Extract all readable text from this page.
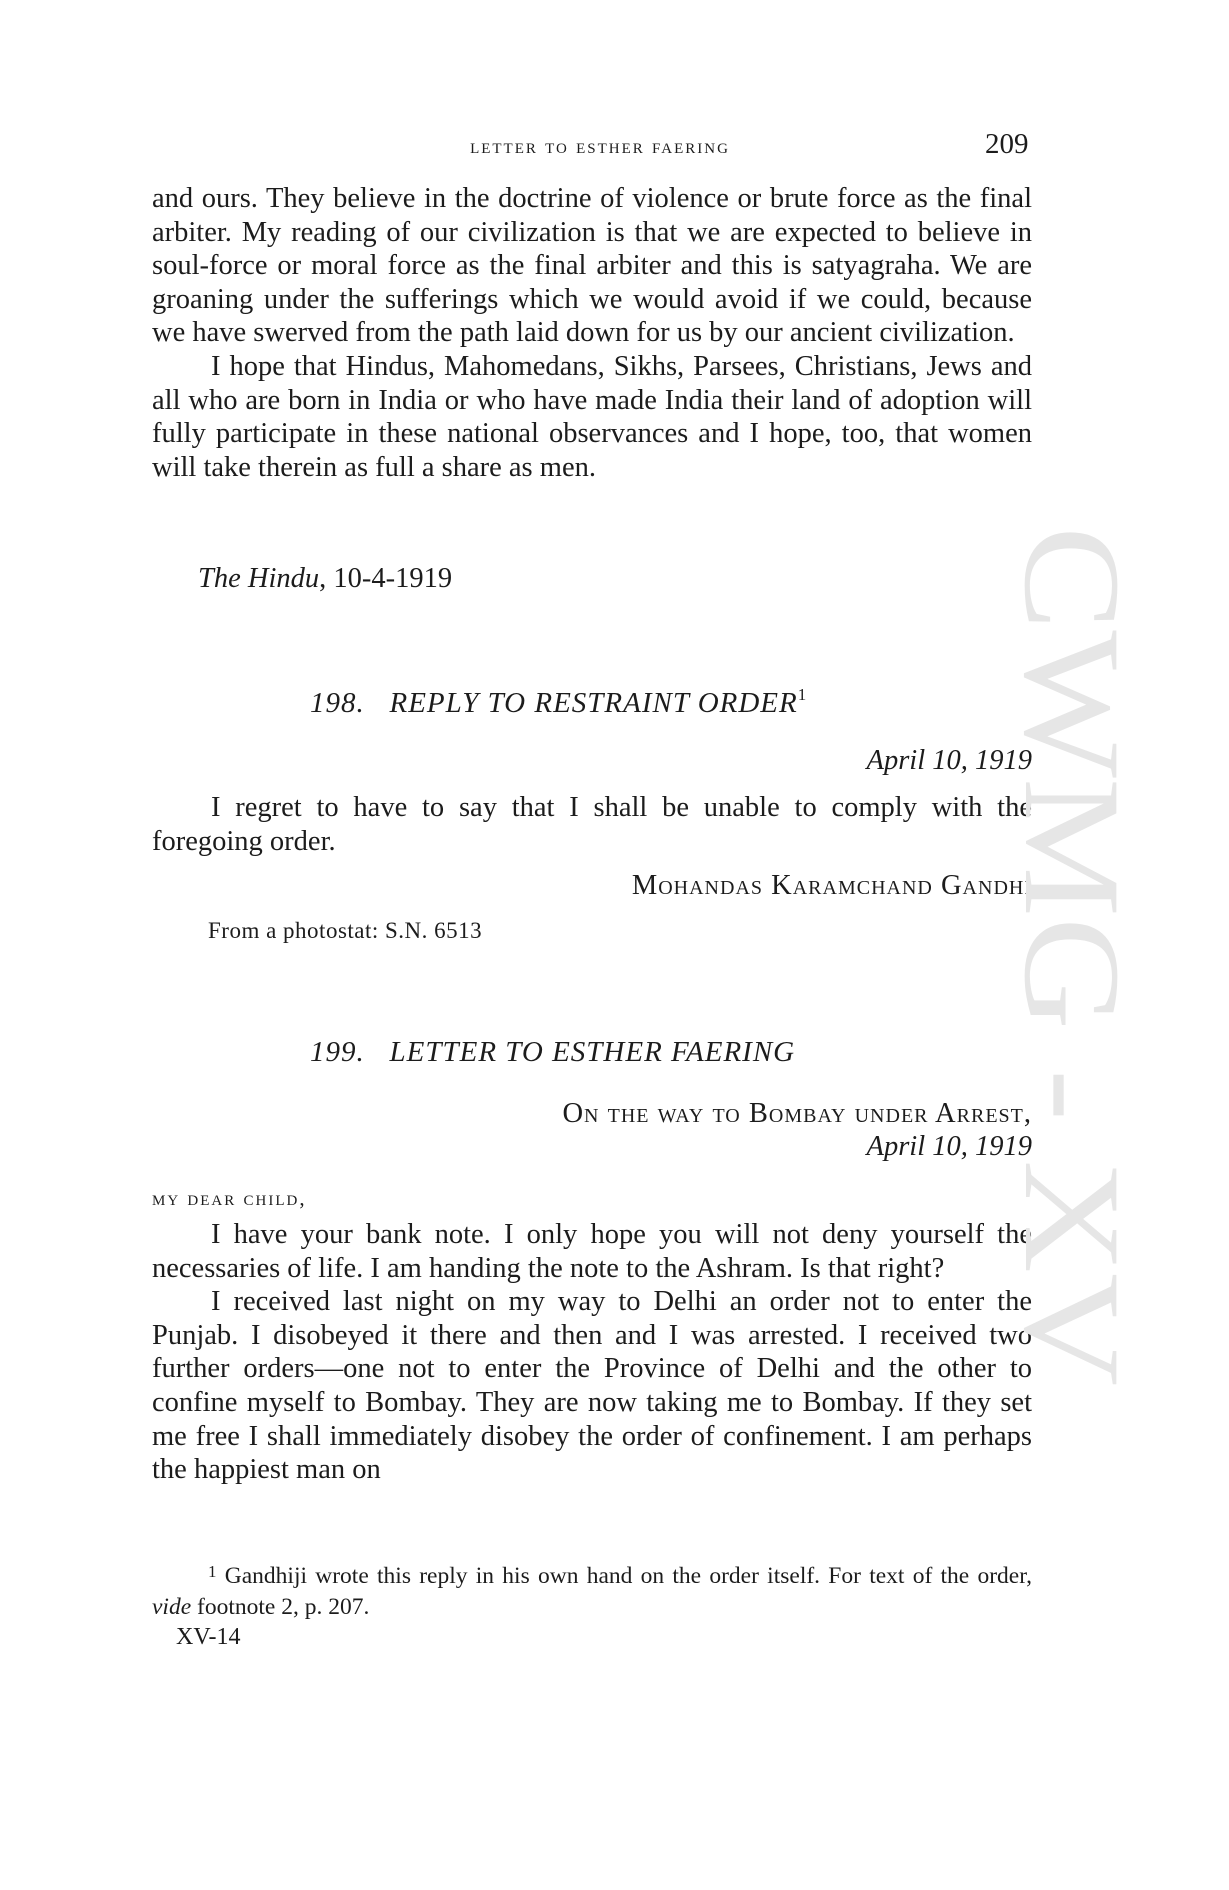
letter to esther faering	209

and ours. They believe in the doctrine of violence or brute force as the final arbiter. My reading of our civilization is that we are expected to believe in soul-force or moral force as the final arbiter and this is satyagraha. We are groaning under the sufferings which we would avoid if we could, because we have swerved from the path laid down for us by our ancient civilization.

I hope that Hindus, Mahomedans, Sikhs, Parsees, Christians, Jews and all who are born in India or who have made India their land of adoption will fully participate in these national observances and I hope, too, that women will take therein as full a share as men.

The Hindu, 10-4-1919
198. REPLY TO RESTRAINT ORDER$^1$
April 10, 1919

I regret to have to say that I shall be unable to comply with the foregoing order.

Mohandas Karamchand Gandhi
From a photostat: S.N. 6513
199. LETTER TO ESTHER FAERING
On the way to Bombay under Arrest,
April 10, 1919
my dear child,

I have your bank note. I only hope you will not deny yourself the necessaries of life. I am handing the note to the Ashram. Is that right?

I received last night on my way to Delhi an order not to enter the Punjab. I disobeyed it there and then and I was arrested. I received two further orders—one not to enter the Province of Delhi and the other to confine myself to Bombay. They are now taking me to Bombay. If they set me free I shall immediately disobey the order of confinement. I am perhaps the happiest man on

$^1$ Gandhiji wrote this reply in his own hand on the order itself. For text of the order, vide footnote 2, p. 207.
XV-14
CWMG - XV
